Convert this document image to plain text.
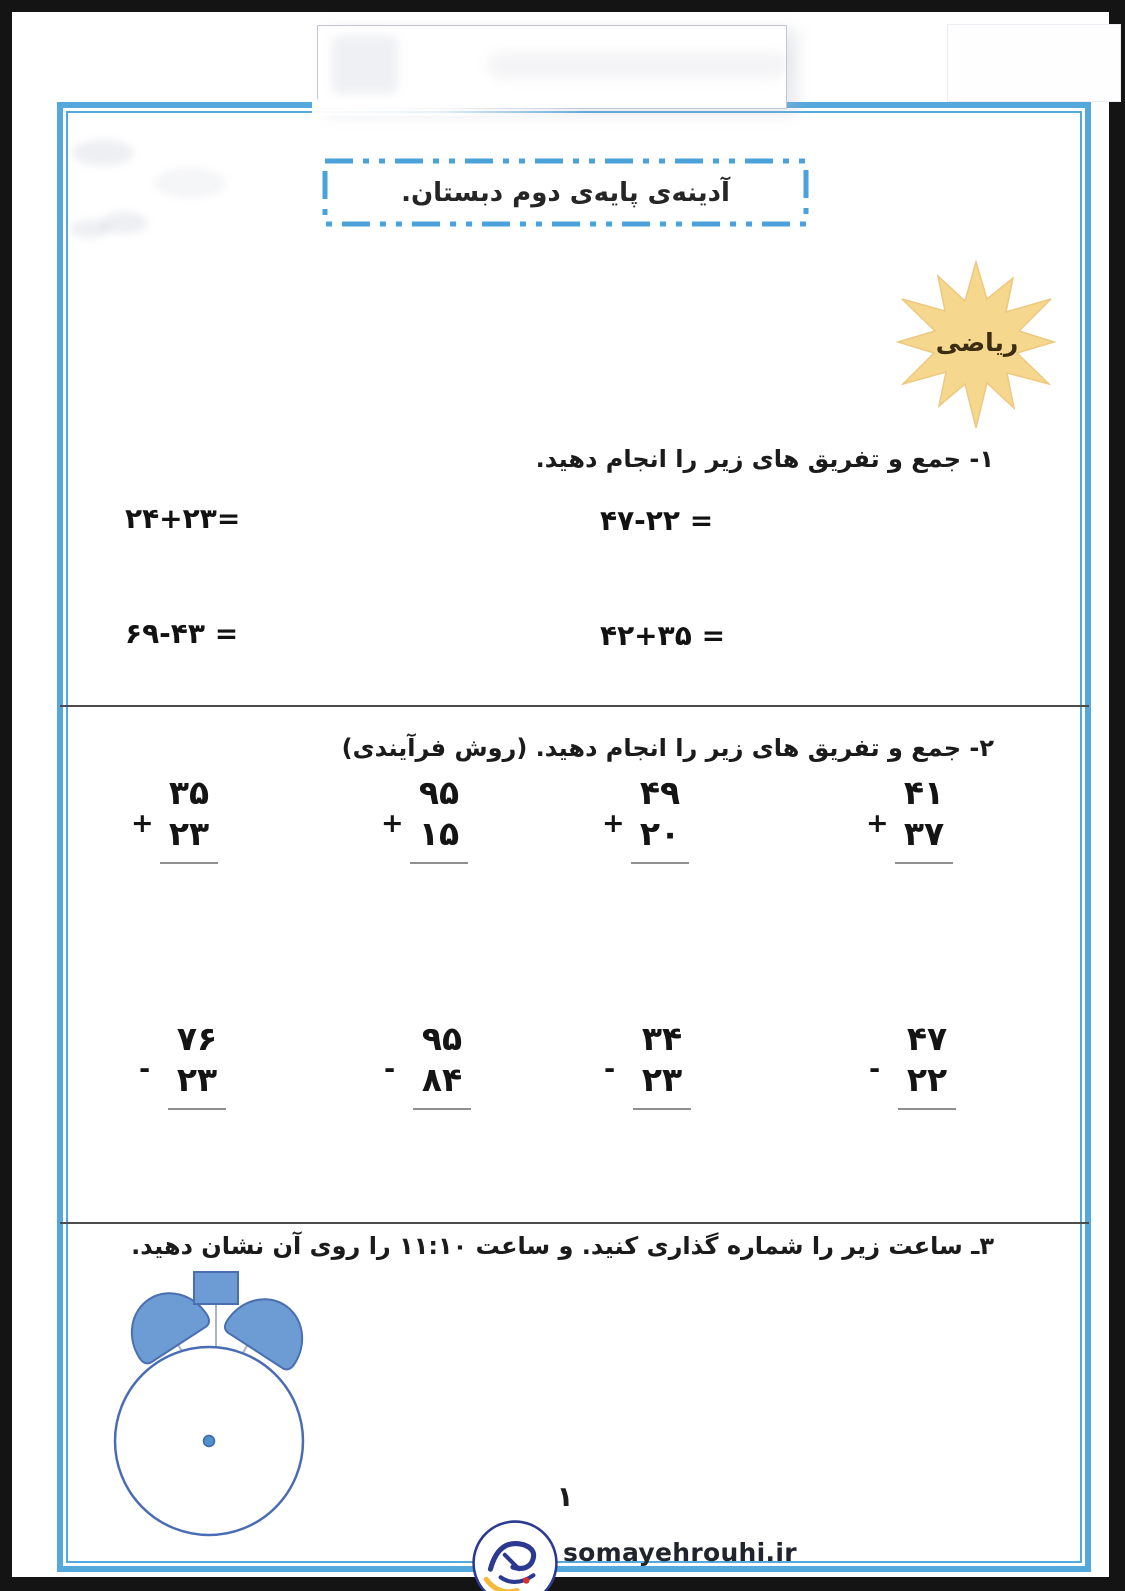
آدینه‌ی پایه‌ی دوم دبستان.
ریاضی
۱- جمع و تفریق های زیر را انجام دهید.
۲۴+۲۳=	۴۷-۲۲ =
۶۹-۴۳ =	۴۲+۳۵ =
۲- جمع و تفریق های زیر را انجام دهید. (روش فرآیندی)
۳۵
+ ۲۳
۹۵
+ ۱۵
۴۹
+ ۲۰
۴۱
+ ۳۷
۷۶
- ۲۳
۹۵
- ۸۴
۳۴
- ۲۳
۴۷
- ۲۲
۳ـ ساعت زیر را شماره گذاری کنید. و ساعت ۱۱:۱۰ را روی آن نشان دهید.
۱
somayehrouhi.ir
